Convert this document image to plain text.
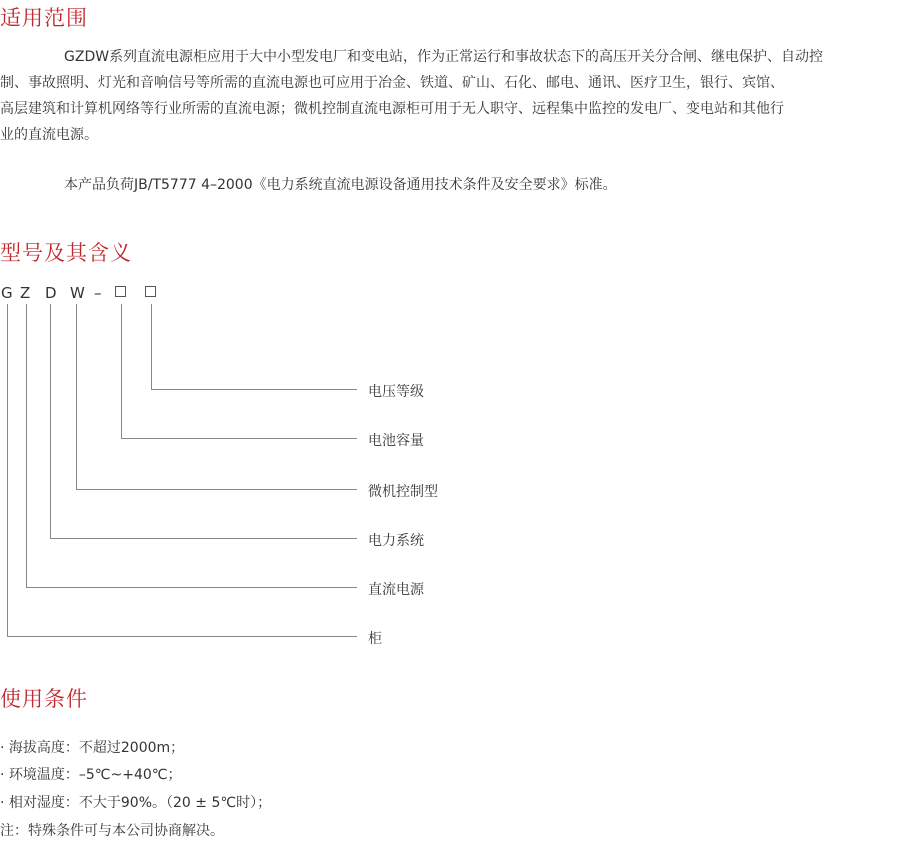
适用范围
GZDW系列直流电源柜应用于大中小型发电厂和变电站，作为正常运行和事故状态下的高压开关分合闸、继电保护、自动控
制、事故照明、灯光和音响信号等所需的直流电源也可应用于冶金、铁道、矿山、石化、邮电、通讯、医疗卫生，银行、宾馆、
高层建筑和计算机网络等行业所需的直流电源；微机控制直流电源柜可用于无人职守、远程集中监控的发电厂、变电站和其他行
业的直流电源。
本产品负荷JB/T5777 4–2000《电力系统直流电源设备通用技术条件及安全要求》标准。
型号及其含义
G Z D W –
电压等级
电池容量
微机控制型
电力系统
直流电源
柜
使用条件
· 海拔高度：不超过2000m；
· 环境温度：–5℃~+40℃；
· 相对湿度：不大于90%。（20 ± 5℃时）；
注：特殊条件可与本公司协商解决。
